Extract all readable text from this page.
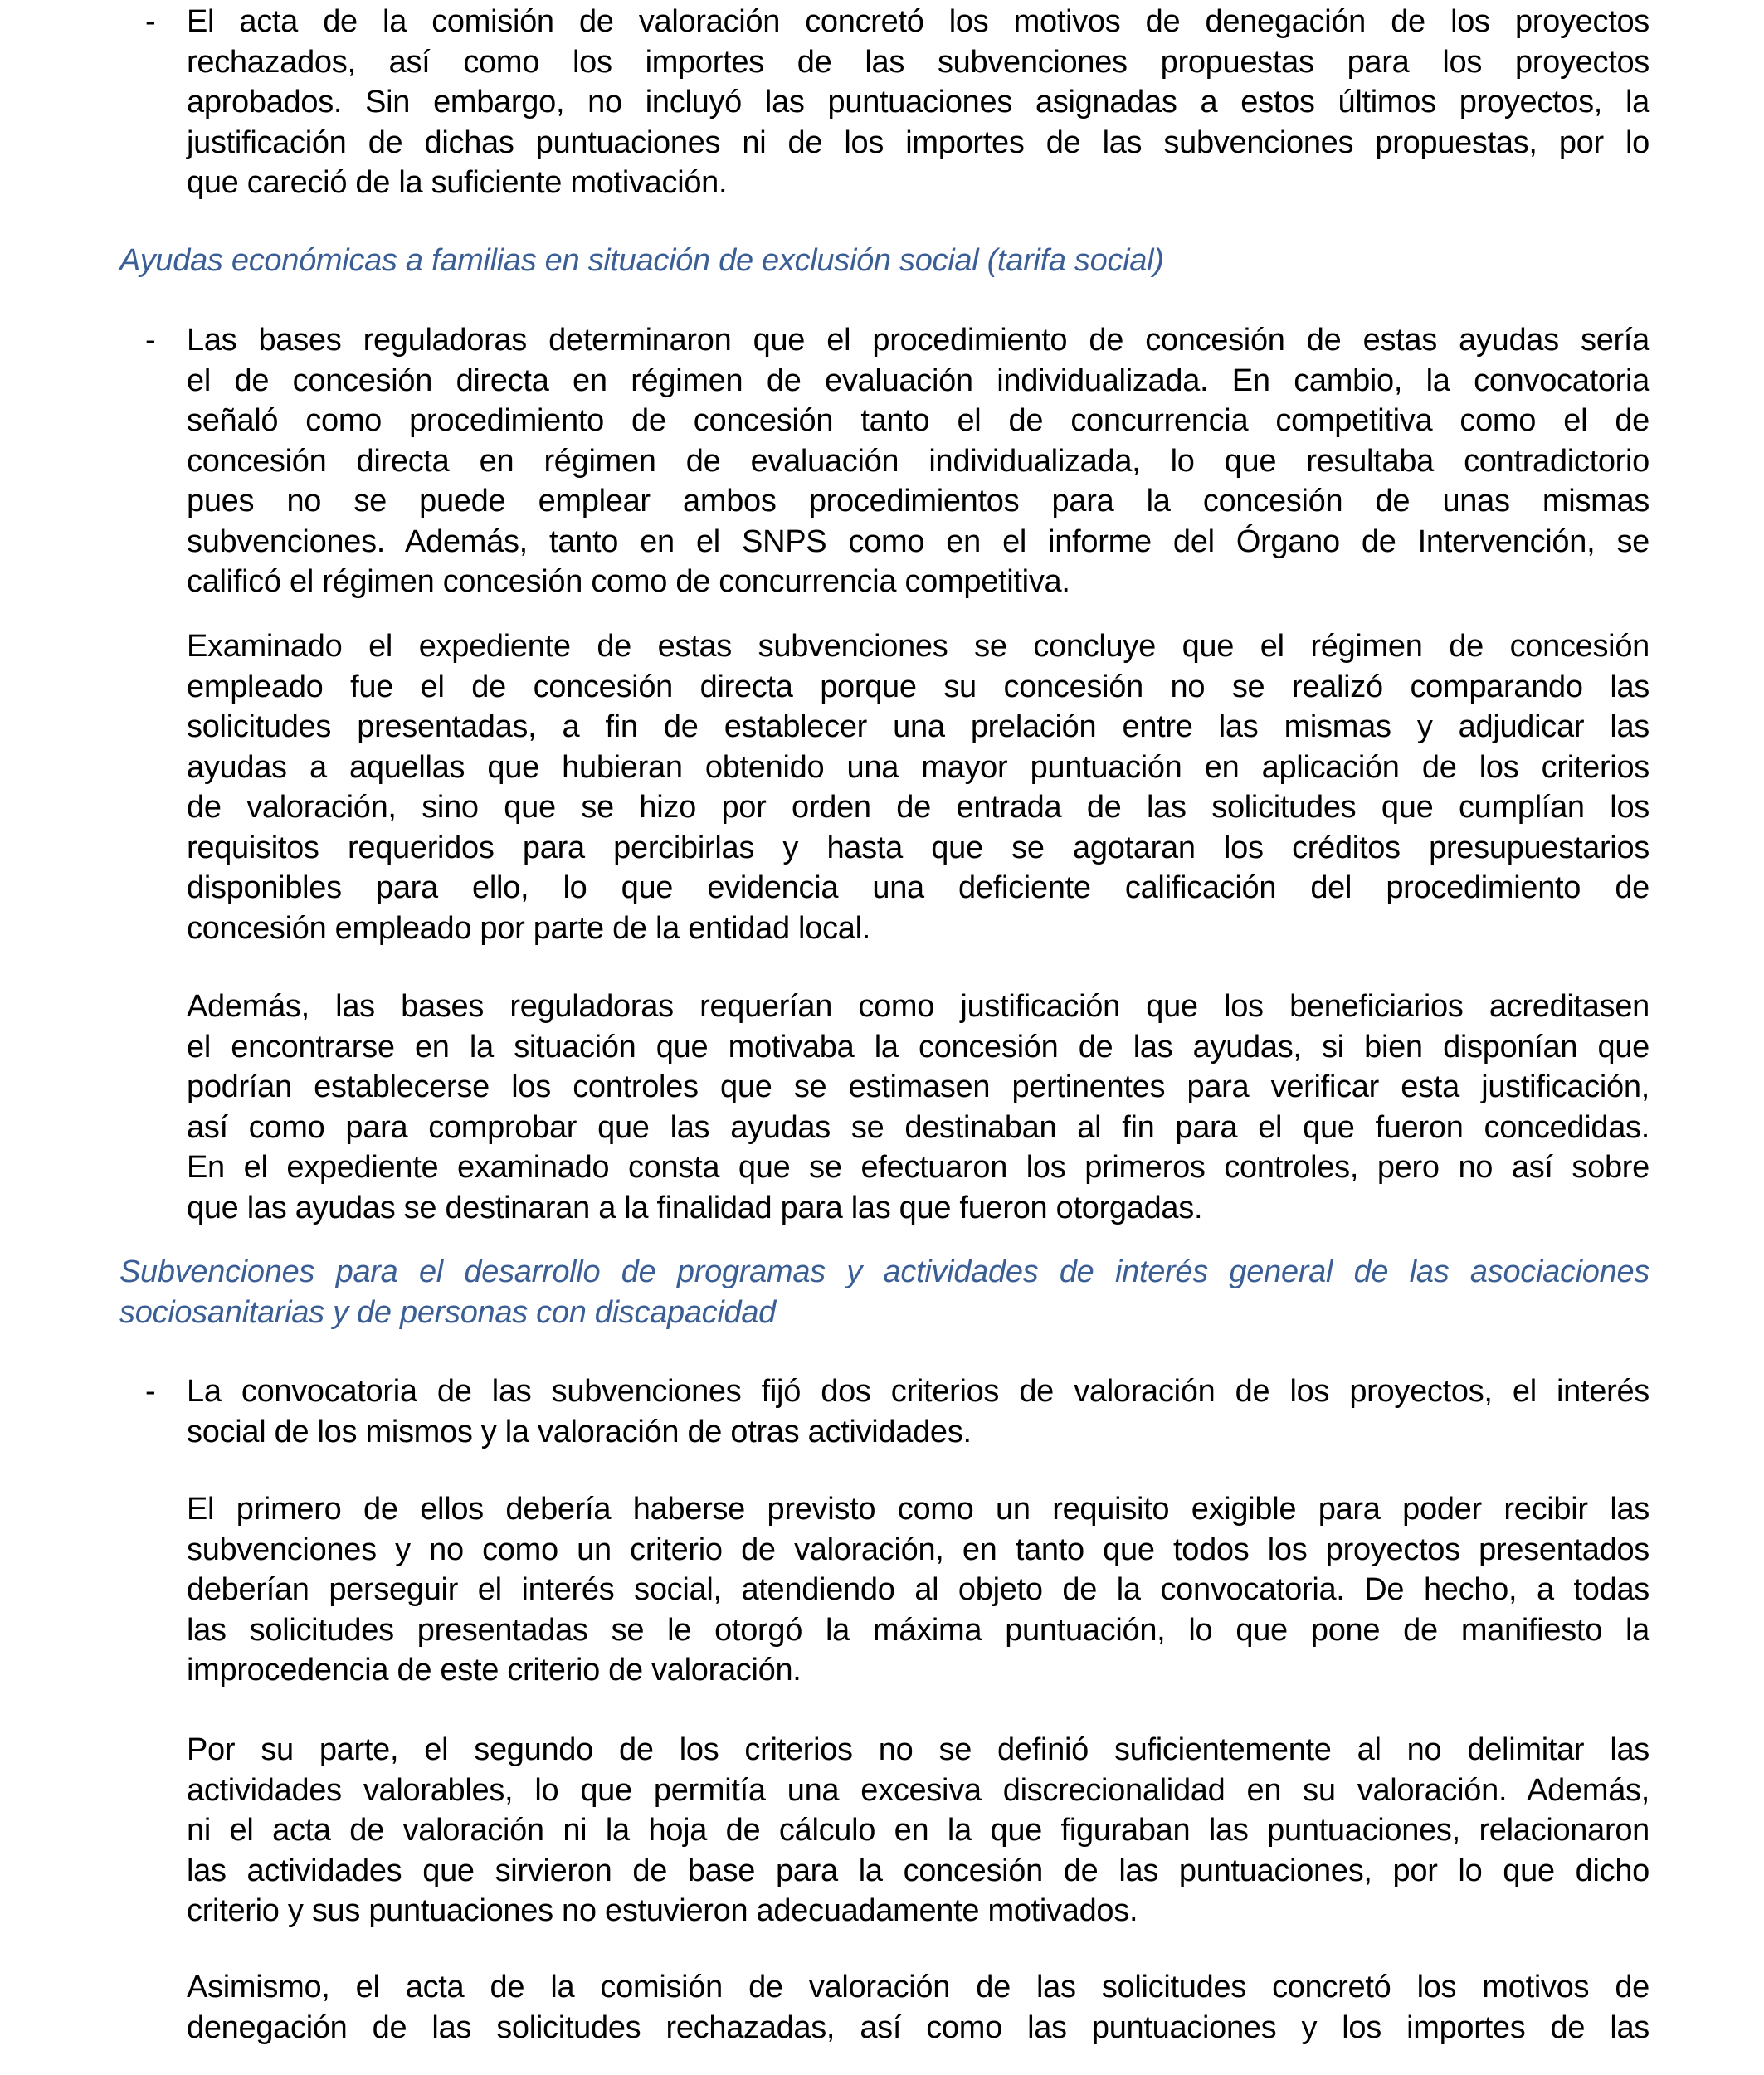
- El acta de la comisión de valoración concretó los motivos de denegación de los proyectos
rechazados, así como los importes de las subvenciones propuestas para los proyectos
aprobados. Sin embargo, no incluyó las puntuaciones asignadas a estos últimos proyectos, la
justificación de dichas puntuaciones ni de los importes de las subvenciones propuestas, por lo
que careció de la suficiente motivación.
Ayudas económicas a familias en situación de exclusión social (tarifa social)
- Las bases reguladoras determinaron que el procedimiento de concesión de estas ayudas sería
el de concesión directa en régimen de evaluación individualizada. En cambio, la convocatoria
señaló como procedimiento de concesión tanto el de concurrencia competitiva como el de
concesión directa en régimen de evaluación individualizada, lo que resultaba contradictorio
pues no se puede emplear ambos procedimientos para la concesión de unas mismas
subvenciones. Además, tanto en el SNPS como en el informe del Órgano de Intervención, se
calificó el régimen concesión como de concurrencia competitiva.
Examinado el expediente de estas subvenciones se concluye que el régimen de concesión
empleado fue el de concesión directa porque su concesión no se realizó comparando las
solicitudes presentadas, a fin de establecer una prelación entre las mismas y adjudicar las
ayudas a aquellas que hubieran obtenido una mayor puntuación en aplicación de los criterios
de valoración, sino que se hizo por orden de entrada de las solicitudes que cumplían los
requisitos requeridos para percibirlas y hasta que se agotaran los créditos presupuestarios
disponibles para ello, lo que evidencia una deficiente calificación del procedimiento de
concesión empleado por parte de la entidad local.
Además, las bases reguladoras requerían como justificación que los beneficiarios acreditasen
el encontrarse en la situación que motivaba la concesión de las ayudas, si bien disponían que
podrían establecerse los controles que se estimasen pertinentes para verificar esta justificación,
así como para comprobar que las ayudas se destinaban al fin para el que fueron concedidas.
En el expediente examinado consta que se efectuaron los primeros controles, pero no así sobre
que las ayudas se destinaran a la finalidad para las que fueron otorgadas.
Subvenciones para el desarrollo de programas y actividades de interés general de las asociaciones
sociosanitarias y de personas con discapacidad
- La convocatoria de las subvenciones fijó dos criterios de valoración de los proyectos, el interés
social de los mismos y la valoración de otras actividades.
El primero de ellos debería haberse previsto como un requisito exigible para poder recibir las
subvenciones y no como un criterio de valoración, en tanto que todos los proyectos presentados
deberían perseguir el interés social, atendiendo al objeto de la convocatoria. De hecho, a todas
las solicitudes presentadas se le otorgó la máxima puntuación, lo que pone de manifiesto la
improcedencia de este criterio de valoración.
Por su parte, el segundo de los criterios no se definió suficientemente al no delimitar las
actividades valorables, lo que permitía una excesiva discrecionalidad en su valoración. Además,
ni el acta de valoración ni la hoja de cálculo en la que figuraban las puntuaciones, relacionaron
las actividades que sirvieron de base para la concesión de las puntuaciones, por lo que dicho
criterio y sus puntuaciones no estuvieron adecuadamente motivados.
Asimismo, el acta de la comisión de valoración de las solicitudes concretó los motivos de
denegación de las solicitudes rechazadas, así como las puntuaciones y los importes de las
